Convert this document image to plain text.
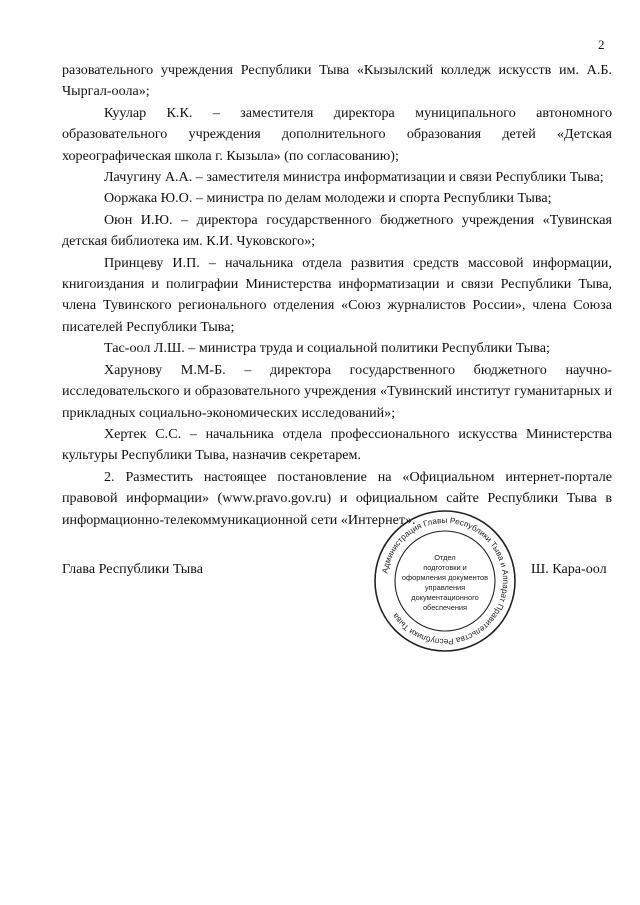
2

разовательного учреждения Республики Тыва «Кызылский колледж искусств им. А.Б. Чыргал-оола»;

Куулар К.К. – заместителя директора муниципального автономного образовательного учреждения дополнительного образования детей «Детская хореографическая школа г. Кызыла» (по согласованию);

Лачугину А.А. – заместителя министра информатизации и связи Республики Тыва;

Ооржака Ю.О. – министра по делам молодежи и спорта Республики Тыва;

Оюн И.Ю. – директора государственного бюджетного учреждения «Тувинская детская библиотека им. К.И. Чуковского»;

Принцеву И.П. – начальника отдела развития средств массовой информации, книгоиздания и полиграфии Министерства информатизации и связи Республики Тыва, члена Тувинского регионального отделения «Союз журналистов России», члена Союза писателей Республики Тыва;

Тас-оол Л.Ш. – министра труда и социальной политики Республики Тыва;

Харунову М.М-Б. – директора государственного бюджетного научно-исследовательского и образовательного учреждения «Тувинский институт гуманитарных и прикладных социально-экономических исследований»;

Хертек С.С. – начальника отдела профессионального искусства Министерства культуры Республики Тыва, назначив секретарем.

2. Разместить настоящее постановление на «Официальном интернет-портале правовой информации» (www.pravo.gov.ru) и официальном сайте Республики Тыва в информационно-телекоммуникационной сети «Интернет».

Глава Республики Тыва	Ш. Кара-оол
Администрация Главы Республики Тыва и Аппарат Правительства Республики Тыва
Отдел
подготовки и
оформления документов
управления
документационного
обеспечения
